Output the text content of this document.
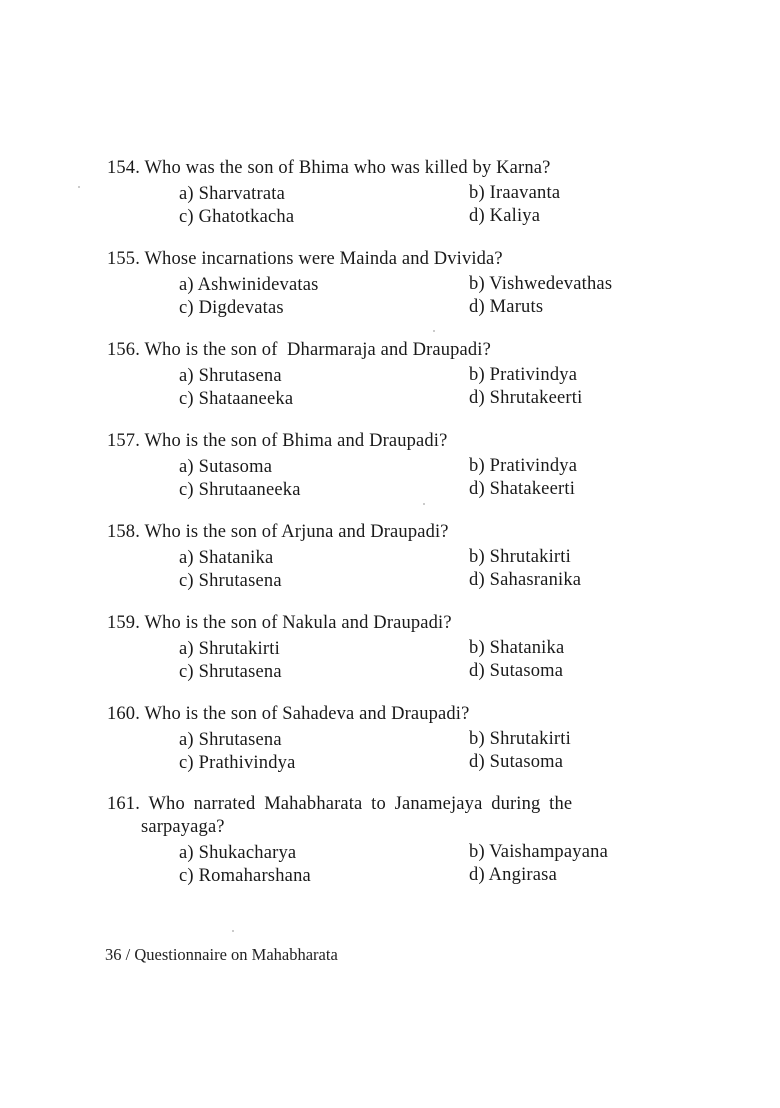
154. Who was the son of Bhima who was killed by Karna?
a) Sharvatrata	b) Iraavanta
c) Ghatotkacha	d) Kaliya
155. Whose incarnations were Mainda and Dvivida?
a) Ashwinidevatas	b) Vishwedevathas
c) Digdevatas	d) Maruts
156. Who is the son of  Dharmaraja and Draupadi?
a) Shrutasena	b) Prativindya
c) Shataaneeka	d) Shrutakeerti
157. Who is the son of Bhima and Draupadi?
a) Sutasoma	b) Prativindya
c) Shrutaaneeka	d) Shatakeerti
158. Who is the son of Arjuna and Draupadi?
a) Shatanika	b) Shrutakirti
c) Shrutasena	d) Sahasranika
159. Who is the son of Nakula and Draupadi?
a) Shrutakirti	b) Shatanika
c) Shrutasena	d) Sutasoma
160. Who is the son of Sahadeva and Draupadi?
a) Shrutasena	b) Shrutakirti
c) Prathivindya	d) Sutasoma
161. Who narrated Mahabharata to Janamejaya during the
sarpayaga?
a) Shukacharya	b) Vaishampayana
c) Romaharshana	d) Angirasa
36 / Questionnaire on Mahabharata
